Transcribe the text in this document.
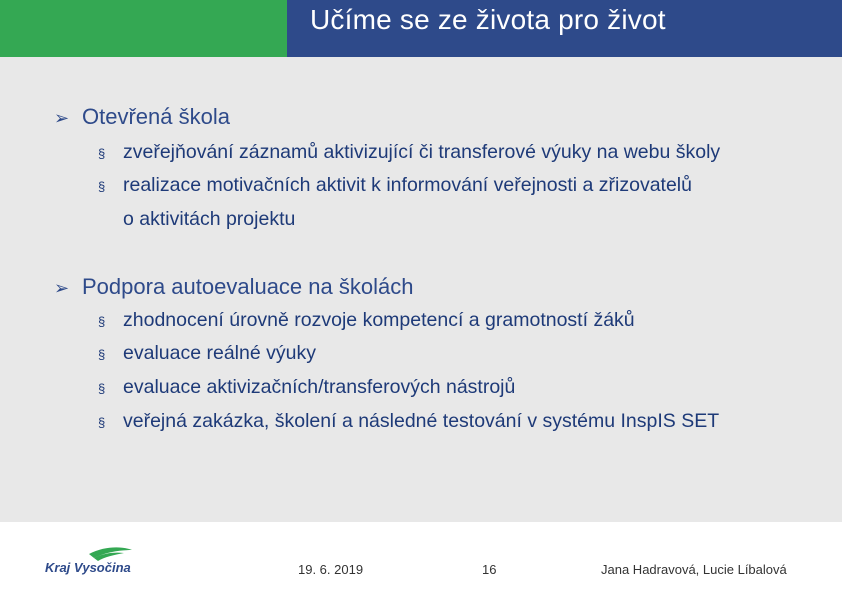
Učíme se ze života pro život
➢ Otevřená škola
§ zveřejňování záznamů aktivizující či transferové výuky na webu školy
§ realizace motivačních aktivit k informování veřejnosti a zřizovatelů
o aktivitách projektu
➢ Podpora autoevaluace na školách
§ zhodnocení úrovně rozvoje kompetencí a gramotností žáků
§ evaluace reálné výuky
§ evaluace aktivizačních/transferových nástrojů
§ veřejná zakázka, školení a následné testování v systému InspIS SET
Kraj Vysočina	19. 6. 2019	16	Jana Hadravová, Lucie Líbalová
